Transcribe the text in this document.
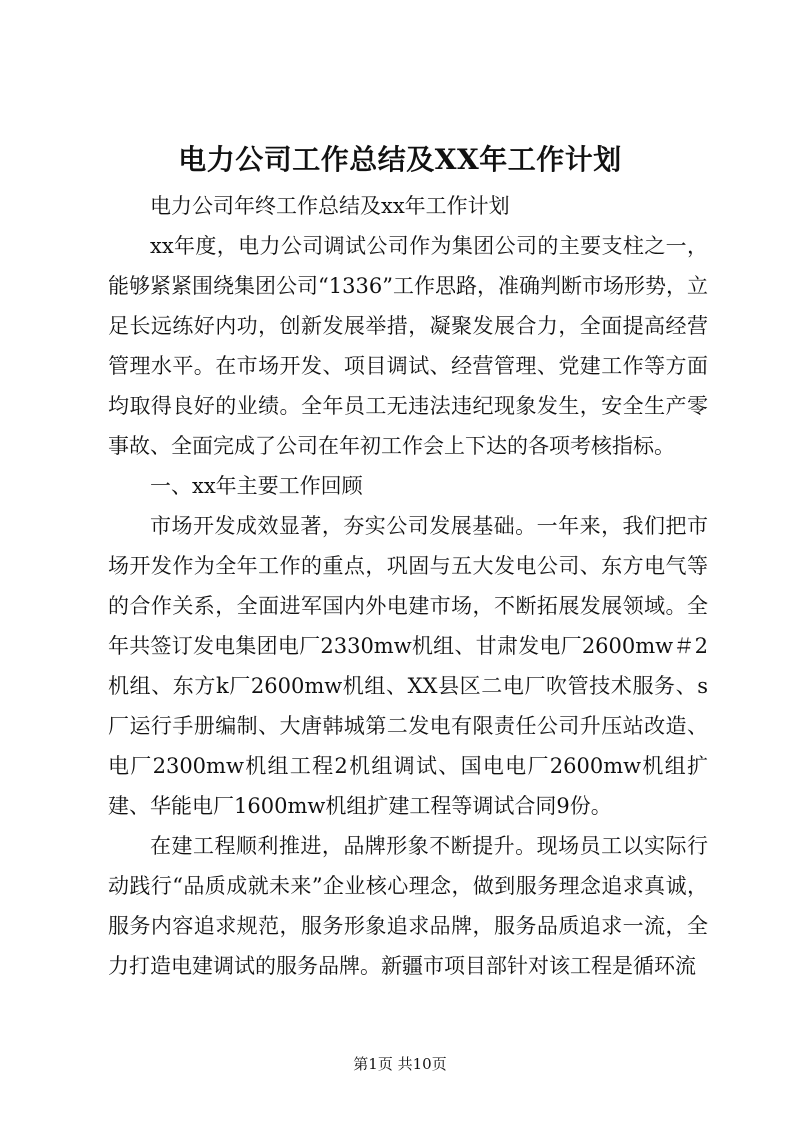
电力公司工作总结及XX年工作计划

电力公司年终工作总结及xx年工作计划

xx年度，电力公司调试公司作为集团公司的主要支柱之一，能够紧紧围绕集团公司“1336”工作思路，准确判断市场形势，立足长远练好内功，创新发展举措，凝聚发展合力，全面提高经营管理水平。在市场开发、项目调试、经营管理、党建工作等方面均取得良好的业绩。全年员工无违法违纪现象发生，安全生产零事故、全面完成了公司在年初工作会上下达的各项考核指标。

一、xx年主要工作回顾

市场开发成效显著，夯实公司发展基础。一年来，我们把市场开发作为全年工作的重点，巩固与五大发电公司、东方电气等的合作关系，全面进军国内外电建市场，不断拓展发展领域。全年共签订发电集团电厂2330mw机组、甘肃发电厂2600mw＃2机组、东方k厂2600mw机组、XX县区二电厂吹管技术服务、s厂运行手册编制、大唐韩城第二发电有限责任公司升压站改造、电厂2300mw机组工程2机组调试、国电电厂2600mw机组扩建、华能电厂1600mw机组扩建工程等调试合同9份。

在建工程顺利推进，品牌形象不断提升。现场员工以实际行动践行“品质成就未来”企业核心理念，做到服务理念追求真诚，服务内容追求规范，服务形象追求品牌，服务品质追求一流，全力打造电建调试的服务品牌。新疆市项目部针对该工程是循环流

第1页 共10页
